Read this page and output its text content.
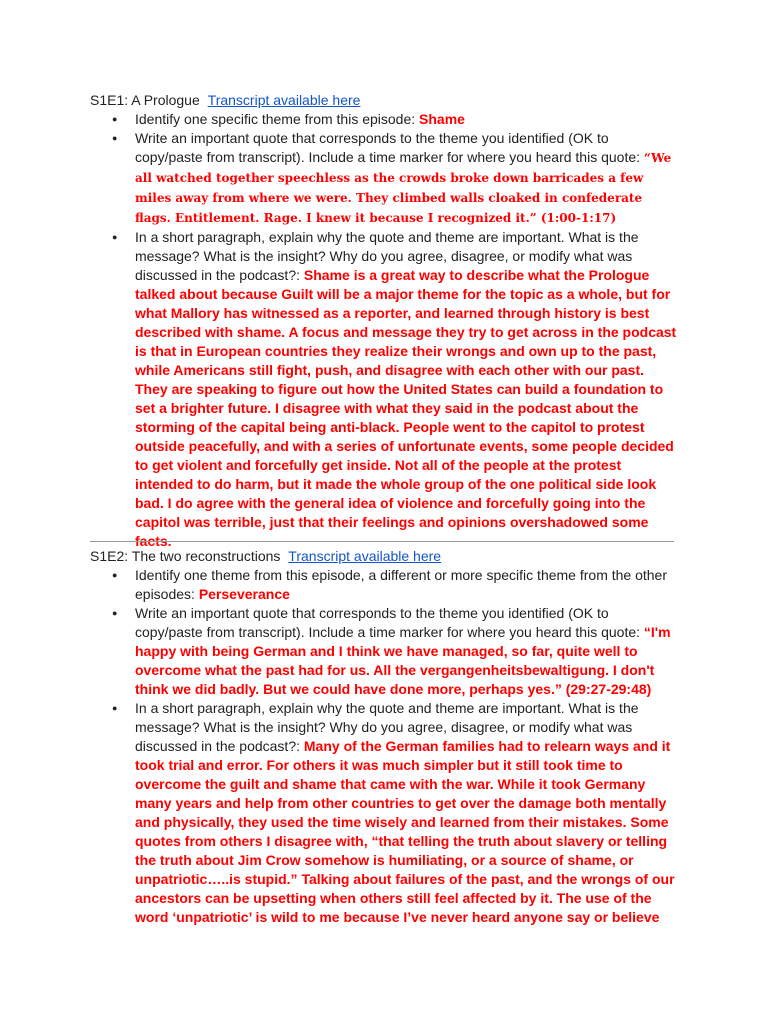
S1E1: A Prologue Transcript available here
● Identify one specific theme from this episode: Shame
● Write an important quote that corresponds to the theme you identified (OK to copy/paste from transcript). Include a time marker for where you heard this quote: “We all watched together speechless as the crowds broke down barricades a few miles away from where we were. They climbed walls cloaked in confederate flags. Entitlement. Rage. I knew it because I recognized it.” (1:00-1:17)
● In a short paragraph, explain why the quote and theme are important. What is the message? What is the insight? Why do you agree, disagree, or modify what was discussed in the podcast?: Shame is a great way to describe what the Prologue talked about because Guilt will be a major theme for the topic as a whole, but for what Mallory has witnessed as a reporter, and learned through history is best described with shame. A focus and message they try to get across in the podcast is that in European countries they realize their wrongs and own up to the past, while Americans still fight, push, and disagree with each other with our past. They are speaking to figure out how the United States can build a foundation to set a brighter future. I disagree with what they said in the podcast about the storming of the capital being anti-black. People went to the capitol to protest outside peacefully, and with a series of unfortunate events, some people decided to get violent and forcefully get inside. Not all of the people at the protest intended to do harm, but it made the whole group of the one political side look bad. I do agree with the general idea of violence and forcefully going into the capitol was terrible, just that their feelings and opinions overshadowed some facts.
S1E2: The two reconstructions Transcript available here
● Identify one theme from this episode, a different or more specific theme from the other episodes: Perseverance
● Write an important quote that corresponds to the theme you identified (OK to copy/paste from transcript). Include a time marker for where you heard this quote: “I'm happy with being German and I think we have managed, so far, quite well to overcome what the past had for us. All the vergangenheitsbewaltigung. I don't think we did badly. But we could have done more, perhaps yes.” (29:27-29:48)
● In a short paragraph, explain why the quote and theme are important. What is the message? What is the insight? Why do you agree, disagree, or modify what was discussed in the podcast?: Many of the German families had to relearn ways and it took trial and error. For others it was much simpler but it still took time to overcome the guilt and shame that came with the war. While it took Germany many years and help from other countries to get over the damage both mentally and physically, they used the time wisely and learned from their mistakes. Some quotes from others I disagree with, “that telling the truth about slavery or telling the truth about Jim Crow somehow is humiliating, or a source of shame, or unpatriotic…..is stupid.” Talking about failures of the past, and the wrongs of our ancestors can be upsetting when others still feel affected by it. The use of the word ‘unpatriotic’ is wild to me because I’ve never heard anyone say or believe
